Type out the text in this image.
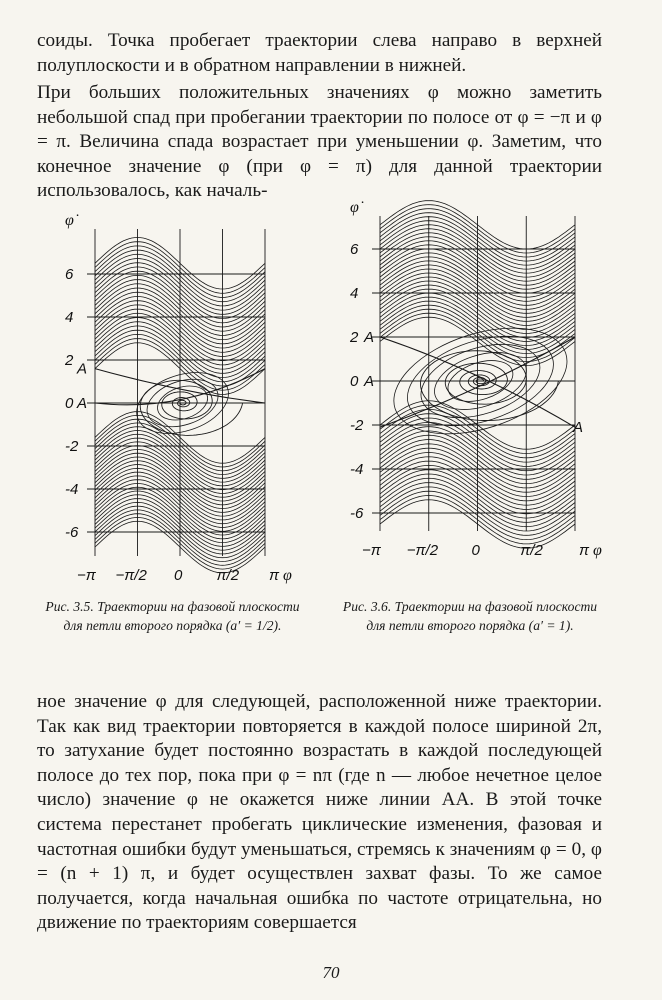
соиды. Точка пробегает траектории слева направо в верхней полуплоскости и в обратном направлении в нижней.

При больших положительных значениях φ можно заметить небольшой спад при пробегании траектории по полосе от φ = −π и φ = π. Величина спада возрастает при уменьшении φ. Заметим, что конечное значение φ (при φ = π) для данной траектории использовалось, как началь-

−π −π/2 0 π/2 π
6
4
2
0
-2
-4
-6
φ̇
φ
A
A
−π −π/2 0	π/2 π
6
4
2
0
-2
-4
-6
φ̇
φ
A
A
A

Рис. 3.5. Траектории на фазовой плоскости для петли второго порядка (a′ = 1/2).

Рис. 3.6. Траектории на фазовой плоскости для петли второго порядка (a′ = 1).

ное значение φ для следующей, расположенной ниже траектории. Так как вид траектории повторяется в каждой полосе шириной 2π, то затухание будет постоянно возрастать в каждой последующей полосе до тех пор, пока при φ = nπ (где n — любое нечетное целое число) значение φ не окажется ниже линии AA. В этой точке система перестанет пробегать циклические изменения, фазовая и частотная ошибки будут уменьшаться, стремясь к значениям φ = 0, φ = (n + 1) π, и будет осуществлен захват фазы. То же самое получается, когда начальная ошибка по частоте отрицательна, но движение по траекториям совершается

70
